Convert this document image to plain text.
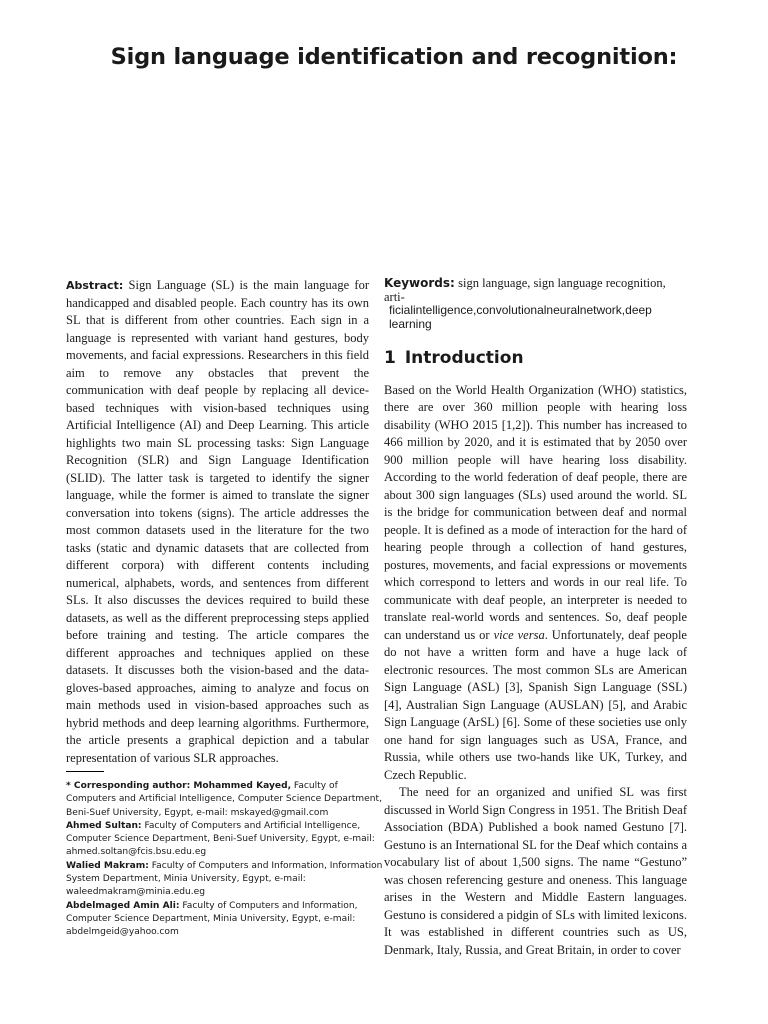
Sign language identification and recognition:

Abstract: Sign Language (SL) is the main language for handicapped and disabled people. Each country has its own SL that is different from other countries. Each sign in a language is represented with variant hand gestures, body movements, and facial expressions. Researchers in this field aim to remove any obstacles that prevent the communication with deaf people by replacing all device-based techniques with vision-based techniques using Artificial Intelligence (AI) and Deep Learning. This article highlights two main SL processing tasks: Sign Language Recognition (SLR) and Sign Language Identification (SLID). The latter task is targeted to identify the signer language, while the former is aimed to translate the signer conversation into tokens (signs). The article addresses the most common datasets used in the literature for the two tasks (static and dynamic datasets that are collected from different corpora) with different contents including numerical, alphabets, words, and sentences from different SLs. It also discusses the devices required to build these datasets, as well as the different preprocessing steps applied before training and testing. The article compares the different approaches and techniques applied on these datasets. It discusses both the vision-based and the data-gloves-based approaches, aiming to analyze and focus on main methods used in vision-based approaches such as hybrid methods and deep learning algorithms. Furthermore, the article presents a graphical depiction and a tabular representation of various SLR approaches.

Keywords: sign language, sign language recognition, arti-
ficialintelligence,convolutionalneuralnetwork,deep learning
1 Introduction

Based on the World Health Organization (WHO) statistics, there are over 360 million people with hearing loss disability (WHO 2015 [1,2]). This number has increased to 466 million by 2020, and it is estimated that by 2050 over 900 million people will have hearing loss disability. According to the world federation of deaf people, there are about 300 sign languages (SLs) used around the world. SL is the bridge for communication between deaf and normal people. It is defined as a mode of interaction for the hard of hearing people through a collection of hand gestures, postures, movements, and facial expressions or movements which correspond to letters and words in our real life. To communicate with deaf people, an interpreter is needed to translate real-world words and sentences. So, deaf people can understand us or vice versa. Unfortunately, deaf people do not have a written form and have a huge lack of electronic resources. The most common SLs are American Sign Language (ASL) [3], Spanish Sign Language (SSL) [4], Australian Sign Language (AUSLAN) [5], and Arabic Sign Language (ArSL) [6]. Some of these societies use only one hand for sign languages such as USA, France, and Russia, while others use two-hands like UK, Turkey, and Czech Republic.

The need for an organized and unified SL was first discussed in World Sign Congress in 1951. The British Deaf Association (BDA) Published a book named Gestuno [7]. Gestuno is an International SL for the Deaf which contains a vocabulary list of about 1,500 signs. The name “Gestuno” was chosen referencing gesture and oneness. This language arises in the Western and Middle Eastern languages. Gestuno is considered a pidgin of SLs with limited lexicons. It was established in different countries such as US, Denmark, Italy, Russia, and Great Britain, in order to cover

* Corresponding author: Mohammed Kayed, Faculty of Computers and Artificial Intelligence, Computer Science Department, Beni-Suef University, Egypt, e-mail: mskayed@gmail.com

Ahmed Sultan: Faculty of Computers and Artificial Intelligence, Computer Science Department, Beni-Suef University, Egypt, e-mail: ahmed.soltan@fcis.bsu.edu.eg

Walied Makram: Faculty of Computers and Information, Information System Department, Minia University, Egypt, e-mail: waleedmakram@minia.edu.eg

Abdelmaged Amin Ali: Faculty of Computers and Information, Computer Science Department, Minia University, Egypt, e-mail: abdelmgeid@yahoo.com
